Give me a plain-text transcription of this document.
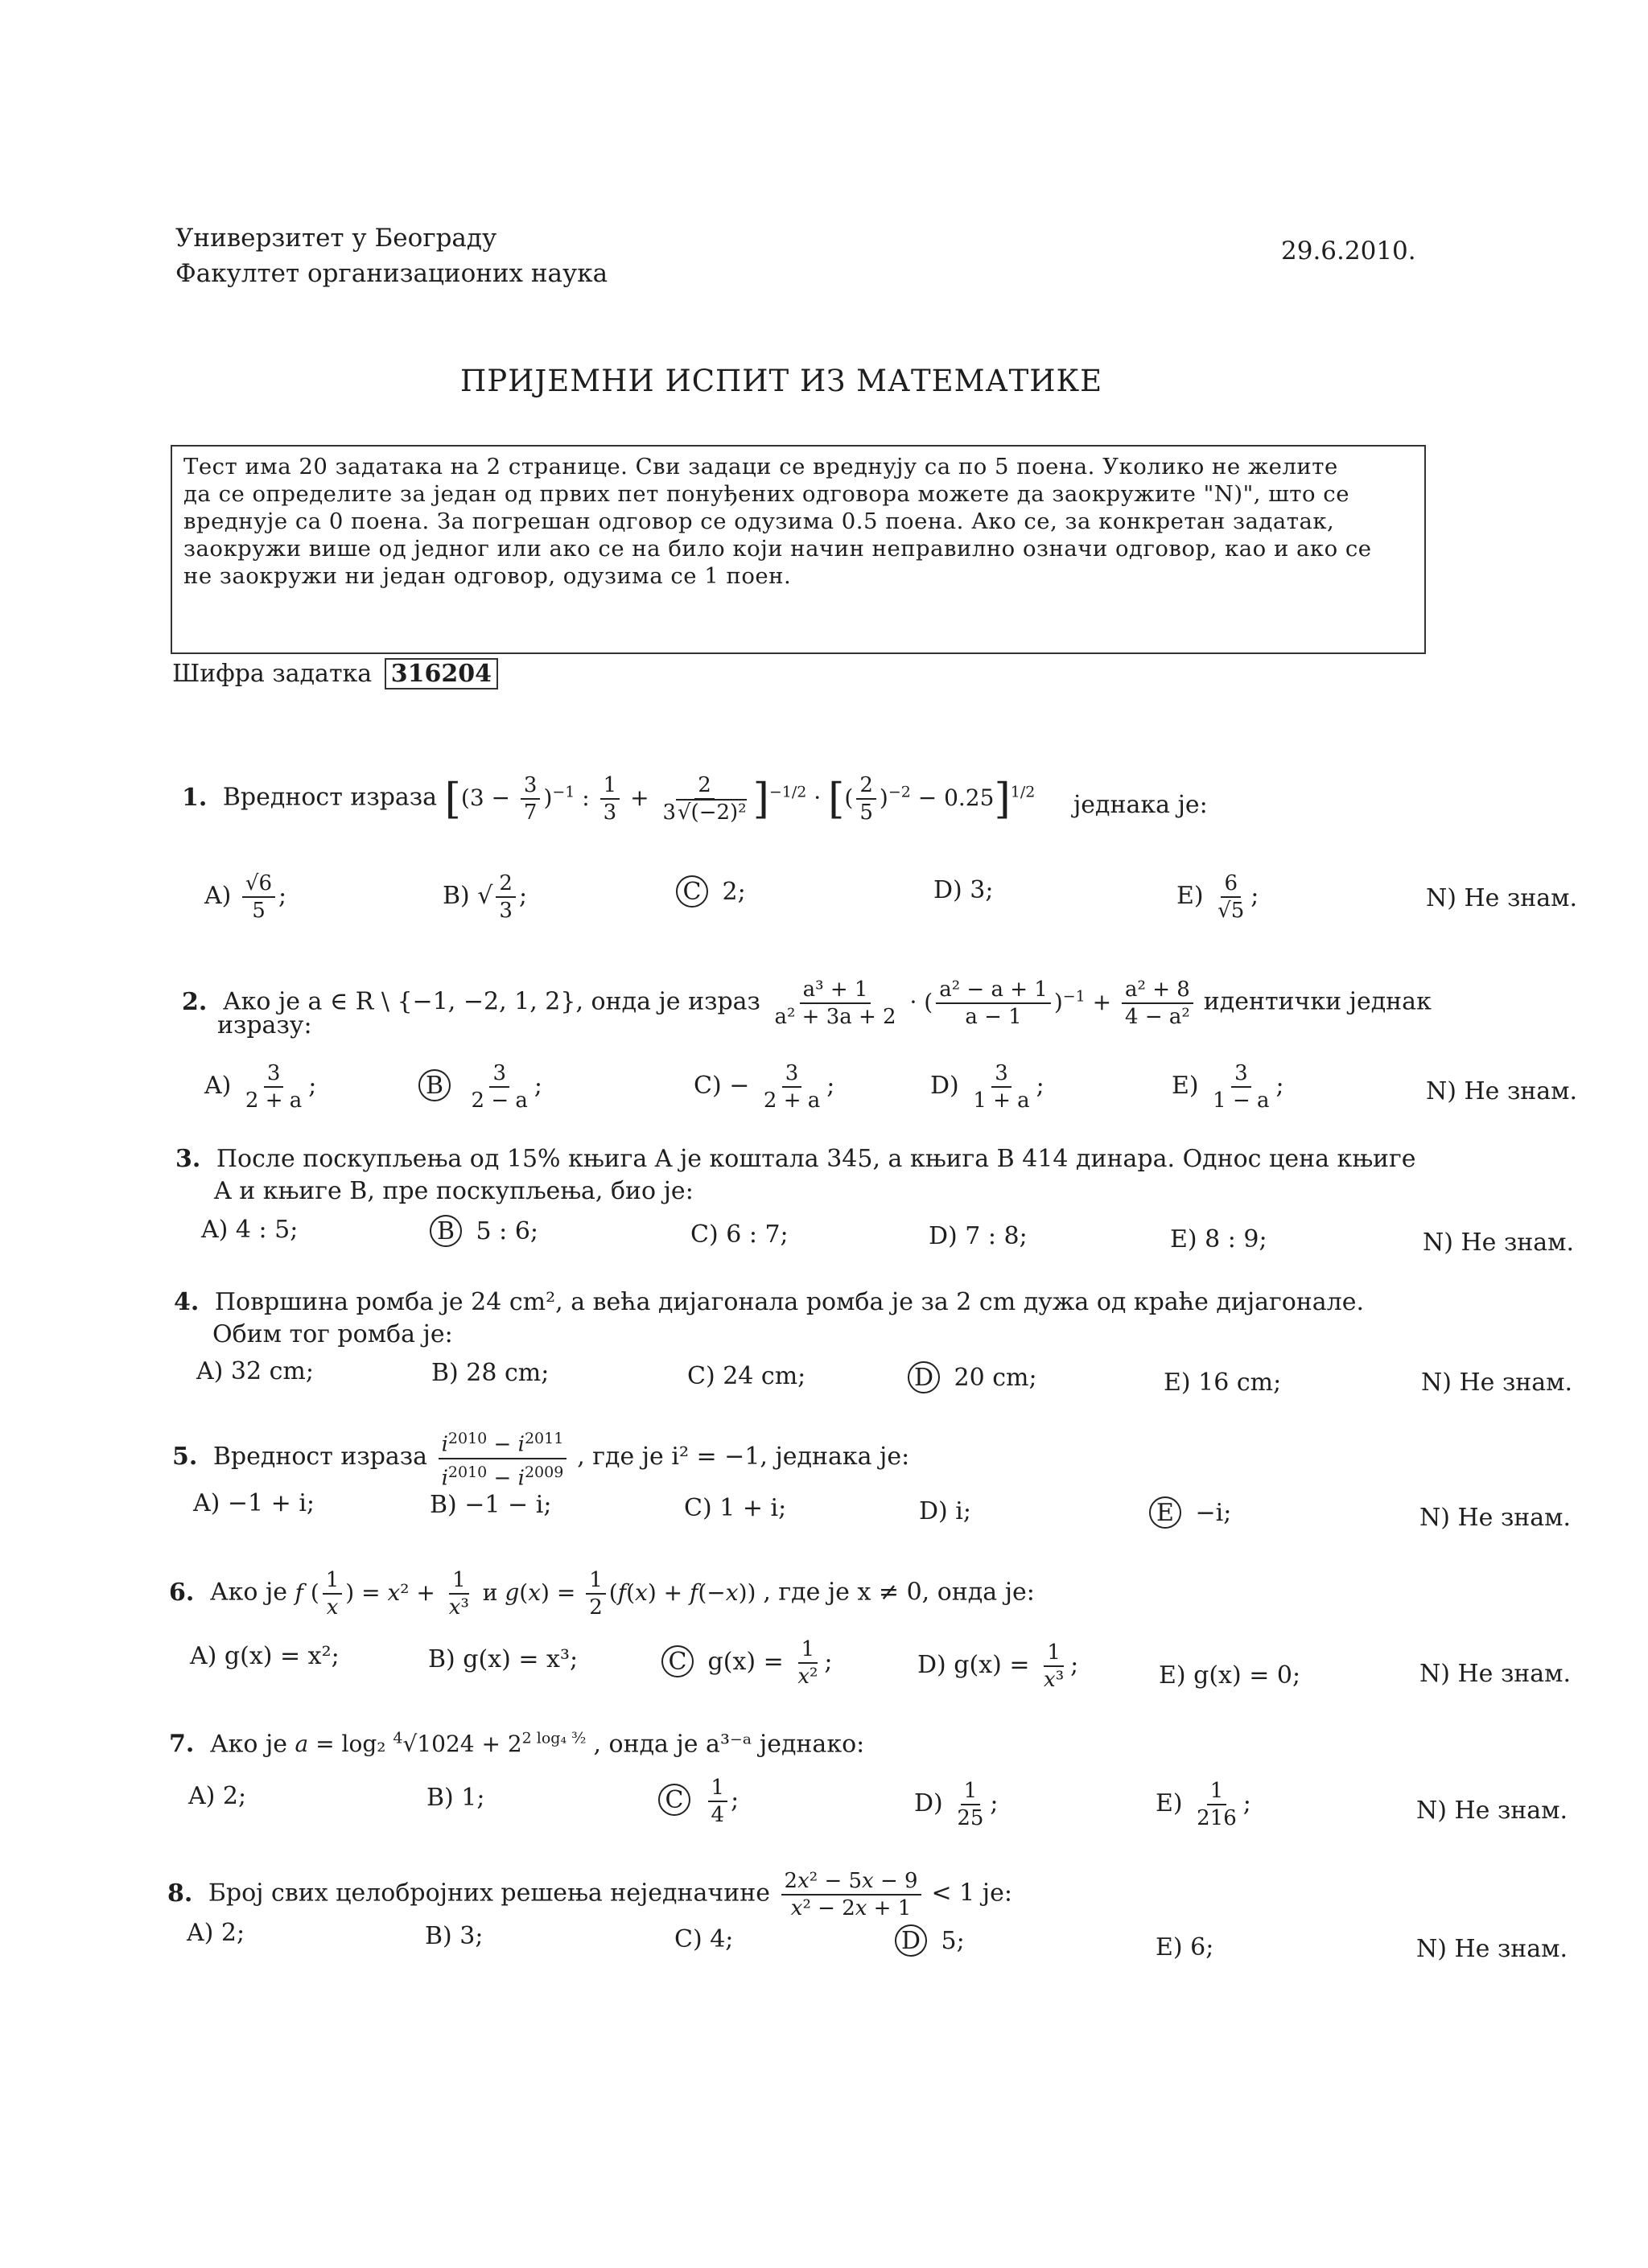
Универзитет у Београду
Факултет организационих наука
29.6.2010.
ПРИЈЕМНИ ИСПИТ ИЗ МАТЕМАТИКЕ
Тест има 20 задатака на 2 странице. Сви задаци се вреднују са по 5 поена. Уколико не желите
да се определите за један од првих пет понуђених одговора можете да заокружите "N)", што се
вреднује са 0 поена. За погрешан одговор се одузима 0.5 поена. Ако се, за конкретан задатак,
заокружи више од једног или ако се на било који начин неправилно означи одговор, као и ако се
не заокружи ни један одговор, одузима се 1 поен.
Шифра задатка 316204
1. Вредност израза [$(3 - \frac{3}{7} )^{-1}$ : $\frac{1}{3} + \frac{2}{\text{3√(−2)²}} ]^{-1/2}$ · [( $\frac{2}{5} )^{-2} - 0.25]^{1/2}$ једнака је:
$A) \frac{√6}{5}$ ;	B) √ $\frac{2}{3}$ ;	C 2;	D) 3;	$E) \frac{6}{√5}$ ;	N) Не знам.
2. Ако је a ∈ R \ {−1, −2, 1, 2}, онда је израз $\frac{\text{a³ + 1}}{\text{a² + 3a + 2}}$ · ( $\frac{\text{a² − a + 1}}{a - 1} )^{-1} + \frac{\text{a² + 8}}{\text{4 − a²}}$ идентички једнак
изразу:
$A) \frac{3}{2 + a}$ ;	B $\frac{3}{2 - a}$ ;	$C) - \frac{3}{2 + a}$ ;	$D) \frac{3}{1 + a}$ ;	$E) \frac{3}{1 - a}$ ;	N) Не знам.
3. После поскупљења од 15% књига A је коштала 345, а књига B 414 динара. Однос цена књиге
A и књиге B, пре поскупљења, био је:
A) 4 : 5;	B 5 : 6;	C) 6 : 7;	D) 7 : 8;	E) 8 : 9;	N) Не знам.
4. Површина ромба је 24 cm², а већа дијагонала ромба је за 2 cm дужа од краће дијагонале.
Обим тог ромба је:
A) 32 cm;	B) 28 cm;	C) 24 cm;	D 20 cm;	E) 16 cm;	N) Не знам.
5. Вредност израза $\frac{i^{2010} - i^{2011}}{i^{2010} - i^{2009}}$ , где је i² = −1, једнака је:
A) −1 + i;	B) −1 − i;	C) 1 + i;	D) i;	E −i;	N) Не знам.
6. Ако је f ( $\frac{1}{x}$ ) = $x^2 + \frac{1}{\text{x³}}$ и $g(x) = \frac{1}{2} (f(x) + f(-x))$ , где је x ≠ 0, онда је:
A) g(x) = x²;	B) g(x) = x³;	C $g(x) = \frac{1}{\text{x²}}$ ;	D) $g(x) = \frac{1}{\text{x³}}$ ;	E) g(x) = 0;	N) Не знам.
7. Ако је a = log₂ $^4√1024 + 2^{2 log_4 ^3⁄_2}$ , онда је a³⁻ᵃ једнако:
A) 2;	B) 1;	C $\frac{1}{4}$ ;	$D) \frac{1}{25}$ ;	$E) \frac{1}{216}$ ;	N) Не знам.
8. Број свих целобројних решења неједначине $\frac{\text{2x² − 5x − 9}}{\text{x² − 2x + 1}} < 1$ је:
A) 2;	B) 3;	C) 4;	D 5;	E) 6;	N) Не знам.
